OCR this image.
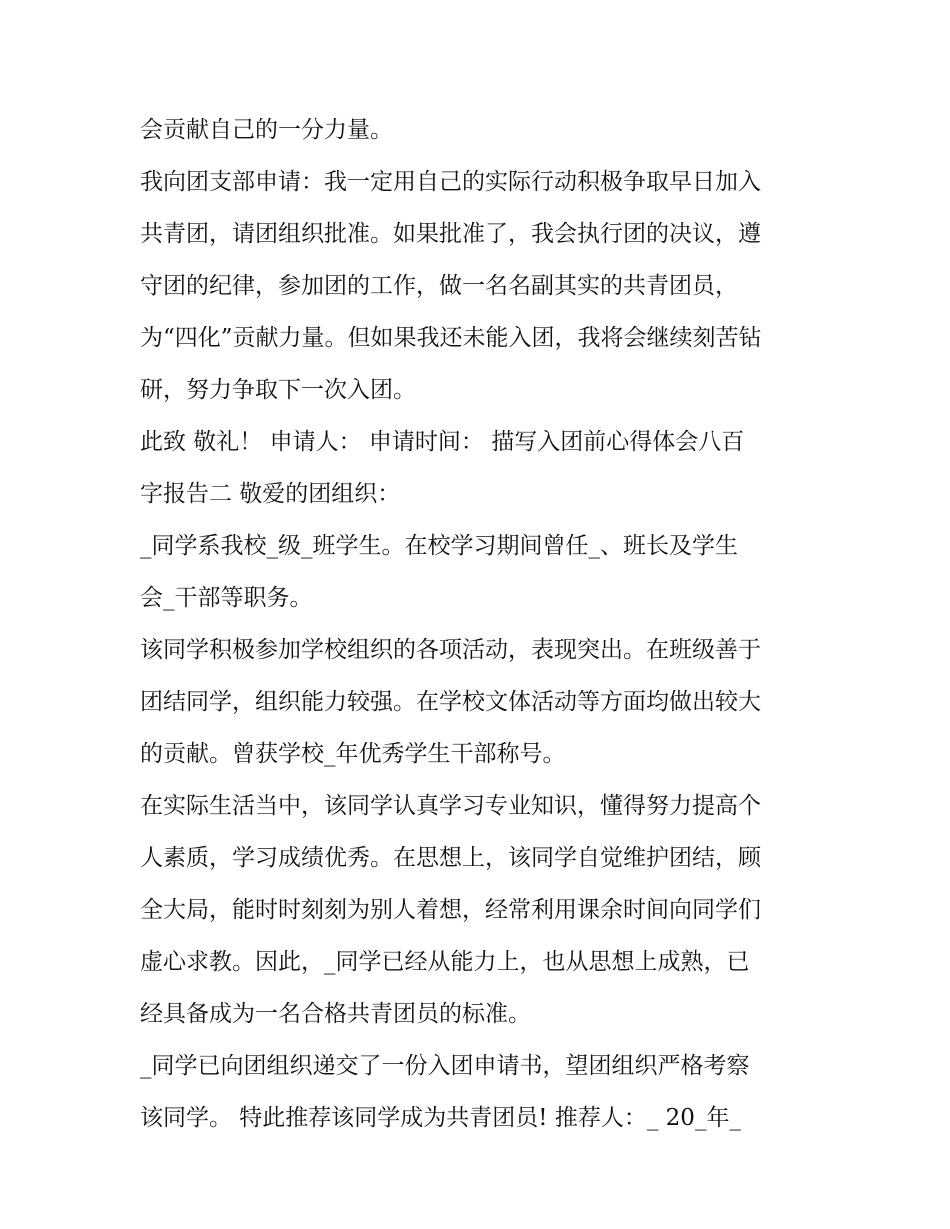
会贡献自己的一分力量。
我向团支部申请：我一定用自己的实际行动积极争取早日加入
共青团，请团组织批准。如果批准了，我会执行团的决议，遵
守团的纪律，参加团的工作，做一名名副其实的共青团员，
为“四化”贡献力量。但如果我还未能入团，我将会继续刻苦钻
研，努力争取下一次入团。
此致 敬礼！ 申请人： 申请时间： 描写入团前心得体会八百
字报告二 敬爱的团组织：
_同学系我校_级_班学生。在校学习期间曾任_、班长及学生
会_干部等职务。
该同学积极参加学校组织的各项活动，表现突出。在班级善于
团结同学，组织能力较强。在学校文体活动等方面均做出较大
的贡献。曾获学校_年优秀学生干部称号。
在实际生活当中，该同学认真学习专业知识，懂得努力提高个
人素质，学习成绩优秀。在思想上，该同学自觉维护团结，顾
全大局，能时时刻刻为别人着想，经常利用课余时间向同学们
虚心求教。因此，_同学已经从能力上，也从思想上成熟，已
经具备成为一名合格共青团员的标准。
_同学已向团组织递交了一份入团申请书，望团组织严格考察
该同学。 特此推荐该同学成为共青团员! 推荐人：_ 20_年_
